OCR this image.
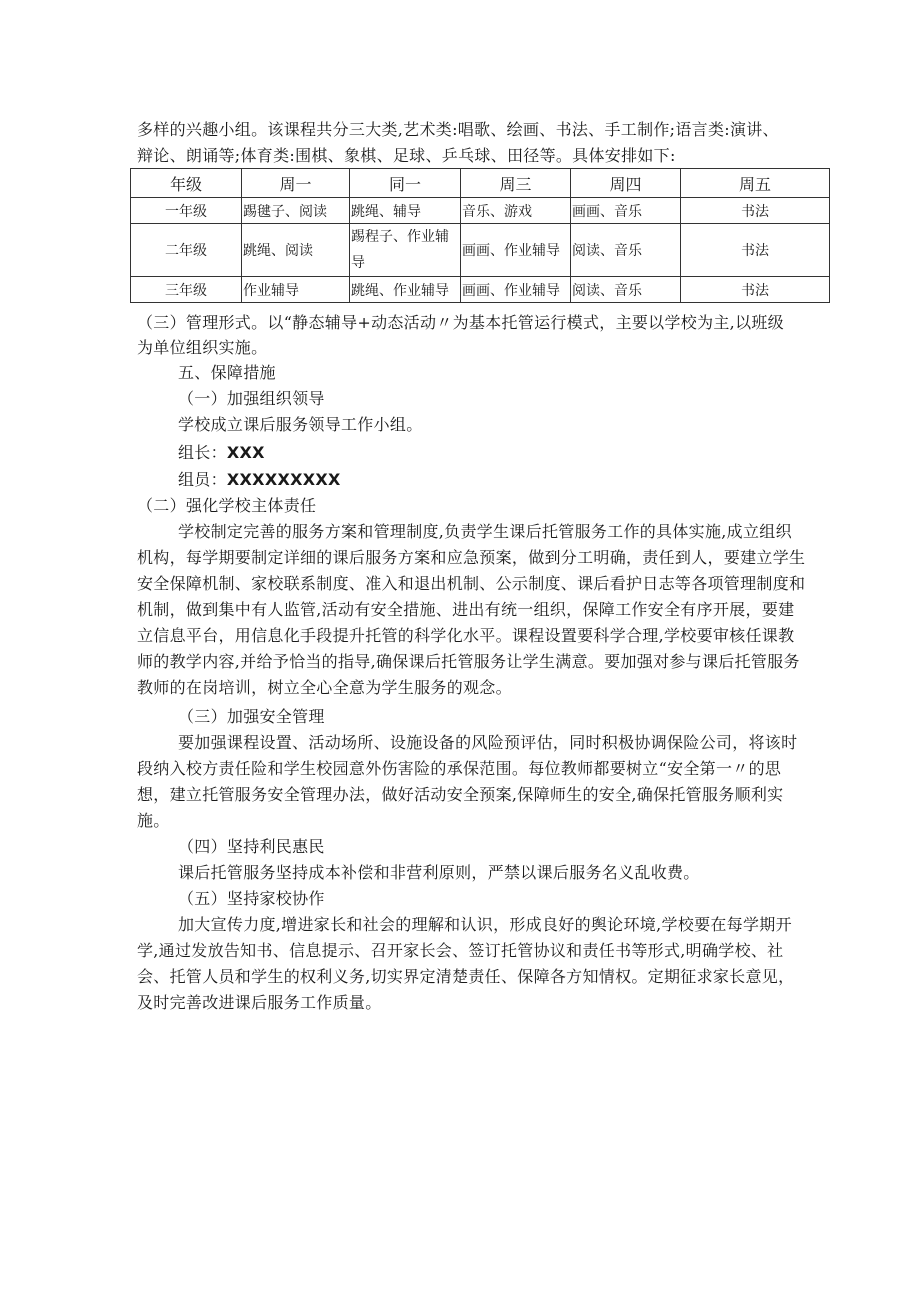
多样的兴趣小组。该课程共分三大类,艺术类:唱歌、绘画、书法、手工制作;语言类:演讲、
辩论、朗诵等;体育类:围棋、象棋、足球、乒乓球、田径等。具体安排如下:
年级	周一	同一	周三	周四	周五
一年级	踢毽子、阅读	跳绳、辅导	音乐、游戏	画画、音乐	书法
二年级	跳绳、阅读	踢程子、作业辅导	画画、作业辅导	阅读、音乐	书法
三年级	作业辅导	跳绳、作业辅导	画画、作业辅导	阅读、音乐	书法
（三）管理形式。以“静态辅导+动态活动〃为基本托管运行模式，主要以学校为主,以班级
为单位组织实施。
五、保障措施
（一）加强组织领导
学校成立课后服务领导工作小组。
组长：XXX
组员：XXXXXXXXX
（二）强化学校主体责任
学校制定完善的服务方案和管理制度,负责学生课后托管服务工作的具体实施,成立组织
机构，每学期要制定详细的课后服务方案和应急预案，做到分工明确，责任到人，要建立学生
安全保障机制、家校联系制度、准入和退出机制、公示制度、课后看护日志等各项管理制度和
机制，做到集中有人监管,活动有安全措施、进出有统一组织，保障工作安全有序开展，要建
立信息平台，用信息化手段提升托管的科学化水平。课程设置要科学合理,学校要审核任课教
师的教学内容,并给予恰当的指导,确保课后托管服务让学生满意。要加强对参与课后托管服务
教师的在岗培训，树立全心全意为学生服务的观念。
（三）加强安全管理
要加强课程设置、活动场所、设施设备的风险预评估，同时积极协调保险公司，将该时
段纳入校方责任险和学生校园意外伤害险的承保范围。每位教师都要树立“安全第一〃的思
想，建立托管服务安全管理办法，做好活动安全预案,保障师生的安全,确保托管服务顺利实
施。
（四）坚持利民惠民
课后托管服务坚持成本补偿和非营利原则，严禁以课后服务名义乱收费。
（五）坚持家校协作
加大宣传力度,增进家长和社会的理解和认识，形成良好的舆论环境,学校要在每学期开
学,通过发放告知书、信息提示、召开家长会、签订托管协议和责任书等形式,明确学校、社
会、托管人员和学生的权利义务,切实界定清楚责任、保障各方知情权。定期征求家长意见，
及时完善改进课后服务工作质量。
